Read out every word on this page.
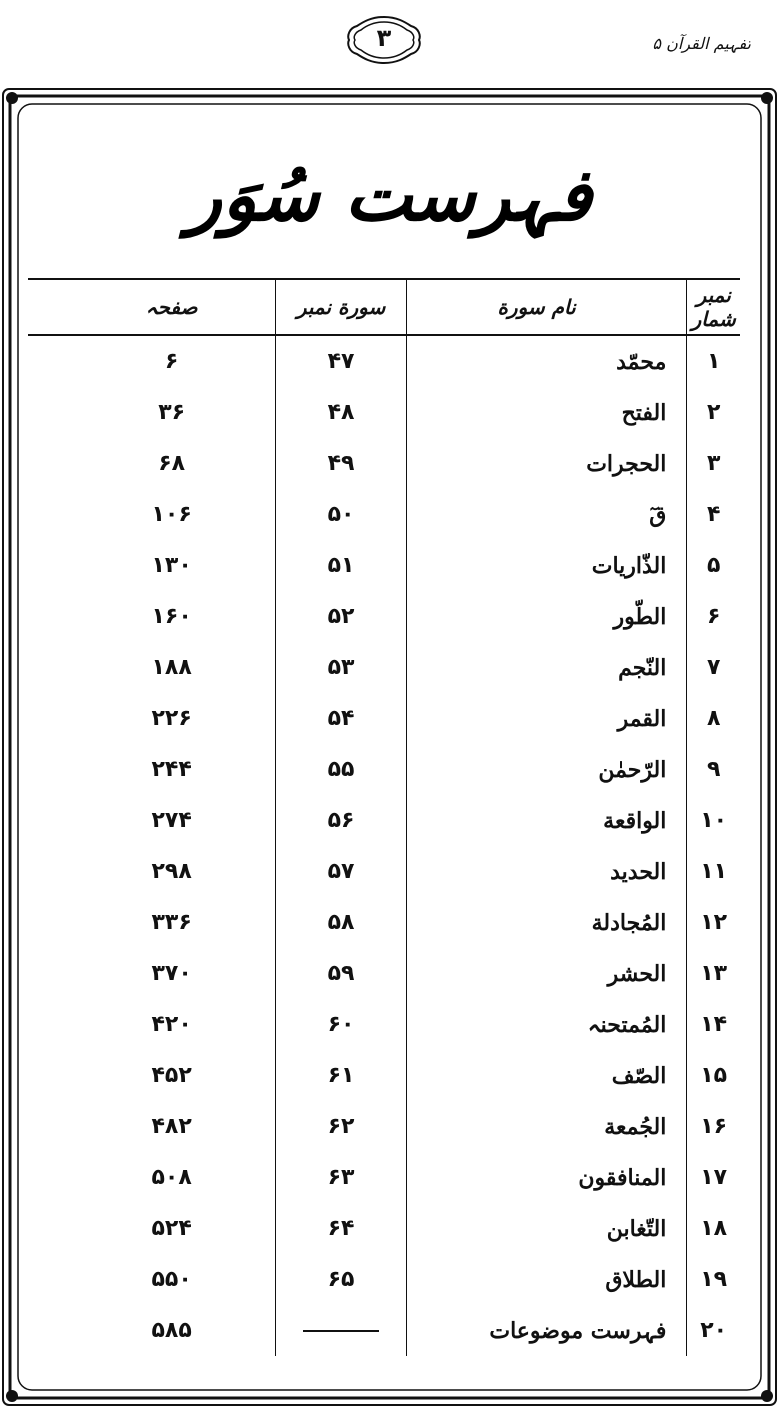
تفہیم القرآن ۵
۳
فہرست سُوَر
نمبر شمار	نام سورة	سورة نمبر	صفحہ
۱	محمّد	۴۷	۶
۲	الفتح	۴۸	۳۶
۳	الحجرات	۴۹	۶۸
۴	قٓ	۵۰	۱۰۶
۵	الذّاریات	۵۱	۱۳۰
۶	الطّور	۵۲	۱۶۰
۷	النّجم	۵۳	۱۸۸
۸	القمر	۵۴	۲۲۶
۹	الرّحمٰن	۵۵	۲۴۴
۱۰	الواقعة	۵۶	۲۷۴
۱۱	الحدید	۵۷	۲۹۸
۱۲	المُجادلة	۵۸	۳۳۶
۱۳	الحشر	۵۹	۳۷۰
۱۴	المُمتحنہ	۶۰	۴۲۰
۱۵	الصّف	۶۱	۴۵۲
۱۶	الجُمعة	۶۲	۴۸۲
۱۷	المنافقون	۶۳	۵۰۸
۱۸	التّغابن	۶۴	۵۲۴
۱۹	الطلاق	۶۵	۵۵۰
۲۰	فہرست موضوعات		۵۸۵
